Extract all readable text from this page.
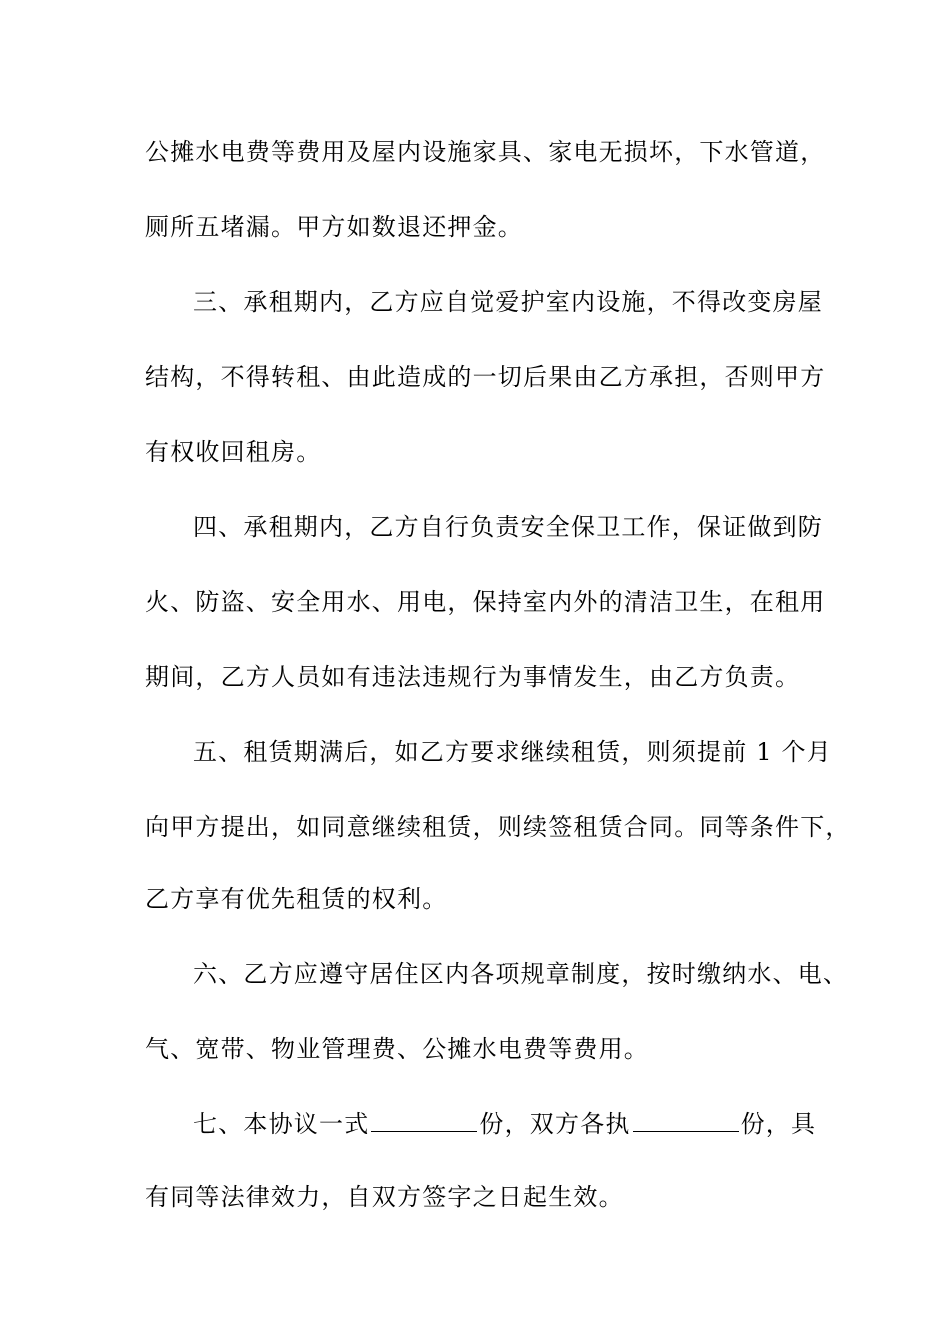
公摊水电费等费用及屋内设施家具、家电无损坏，下水管道，
厕所五堵漏。甲方如数退还押金。
三、承租期内，乙方应自觉爱护室内设施，不得改变房屋
结构，不得转租、由此造成的一切后果由乙方承担，否则甲方
有权收回租房。
四、承租期内，乙方自行负责安全保卫工作，保证做到防
火、防盗、安全用水、用电，保持室内外的清洁卫生，在租用
期间，乙方人员如有违法违规行为事情发生，由乙方负责。
五、租赁期满后，如乙方要求继续租赁，则须提前 1 个月
向甲方提出，如同意继续租赁，则续签租赁合同。同等条件下，
乙方享有优先租赁的权利。
六、乙方应遵守居住区内各项规章制度，按时缴纳水、电、
气、宽带、物业管理费、公摊水电费等费用。
七、本协议一式	份，双方各执	份，具
有同等法律效力，自双方签字之日起生效。
